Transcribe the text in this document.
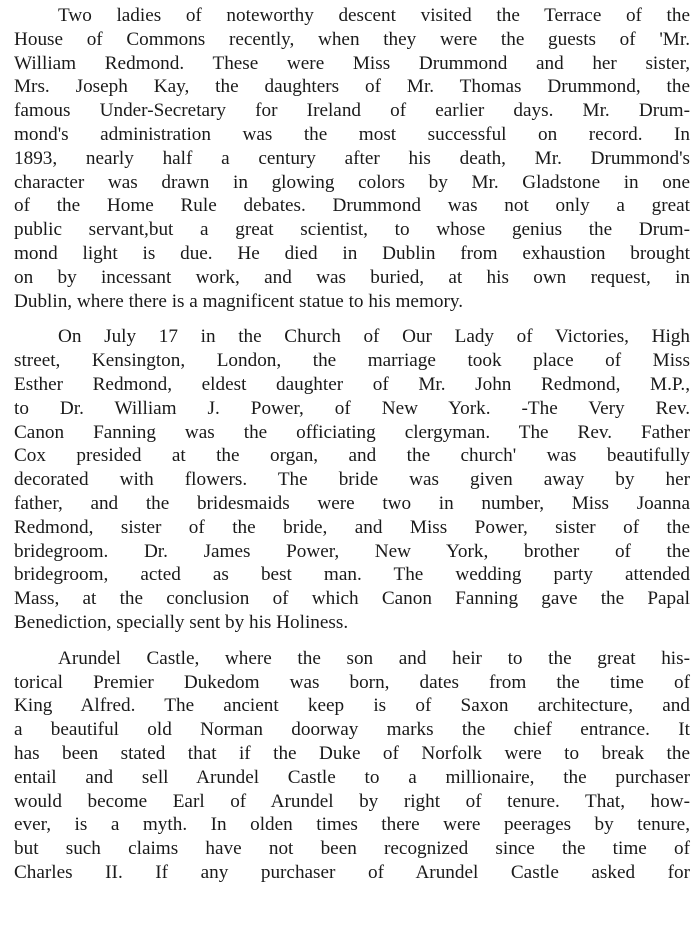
Two ladies of noteworthy descent visited the Terrace of the
House of Commons recently, when they were the guests of 'Mr.
William Redmond. These were Miss Drummond and her sister,
Mrs. Joseph Kay, the daughters of Mr. Thomas Drummond, the
famous Under-Secretary for Ireland of earlier days. Mr. Drum-
mond's administration was the most successful on record. In
1893, nearly half a century after his death, Mr. Drummond's
character was drawn in glowing colors by Mr. Gladstone in one
of the Home Rule debates. Drummond was not only a great
public servant,but a great scientist, to whose genius the Drum-
mond light is due. He died in Dublin from exhaustion brought
on by incessant work, and was buried, at his own request, in
Dublin, where there is a magnificent statue to his memory.
On July 17 in the Church of Our Lady of Victories, High
street, Kensington, London, the marriage took place of Miss
Esther Redmond, eldest daughter of Mr. John Redmond, M.P.,
to Dr. William J. Power, of New York. -The Very Rev.
Canon Fanning was the officiating clergyman. The Rev. Father
Cox presided at the organ, and the church' was beautifully
decorated with flowers. The bride was given away by her
father, and the bridesmaids were two in number, Miss Joanna
Redmond, sister of the bride, and Miss Power, sister of the
bridegroom. Dr. James Power, New York, brother of the
bridegroom, acted as best man. The wedding party attended
Mass, at the conclusion of which Canon Fanning gave the Papal
Benediction, specially sent by his Holiness.
Arundel Castle, where the son and heir to the great his-
torical Premier Dukedom was born, dates from the time of
King Alfred. The ancient keep is of Saxon architecture, and
a beautiful old Norman doorway marks the chief entrance. It
has been stated that if the Duke of Norfolk were to break the
entail and sell Arundel Castle to a millionaire, the purchaser
would become Earl of Arundel by right of tenure. That, how-
ever, is a myth. In olden times there were peerages by tenure,
but such claims have not been recognized since the time of
Charles II. If any purchaser of Arundel Castle asked for
